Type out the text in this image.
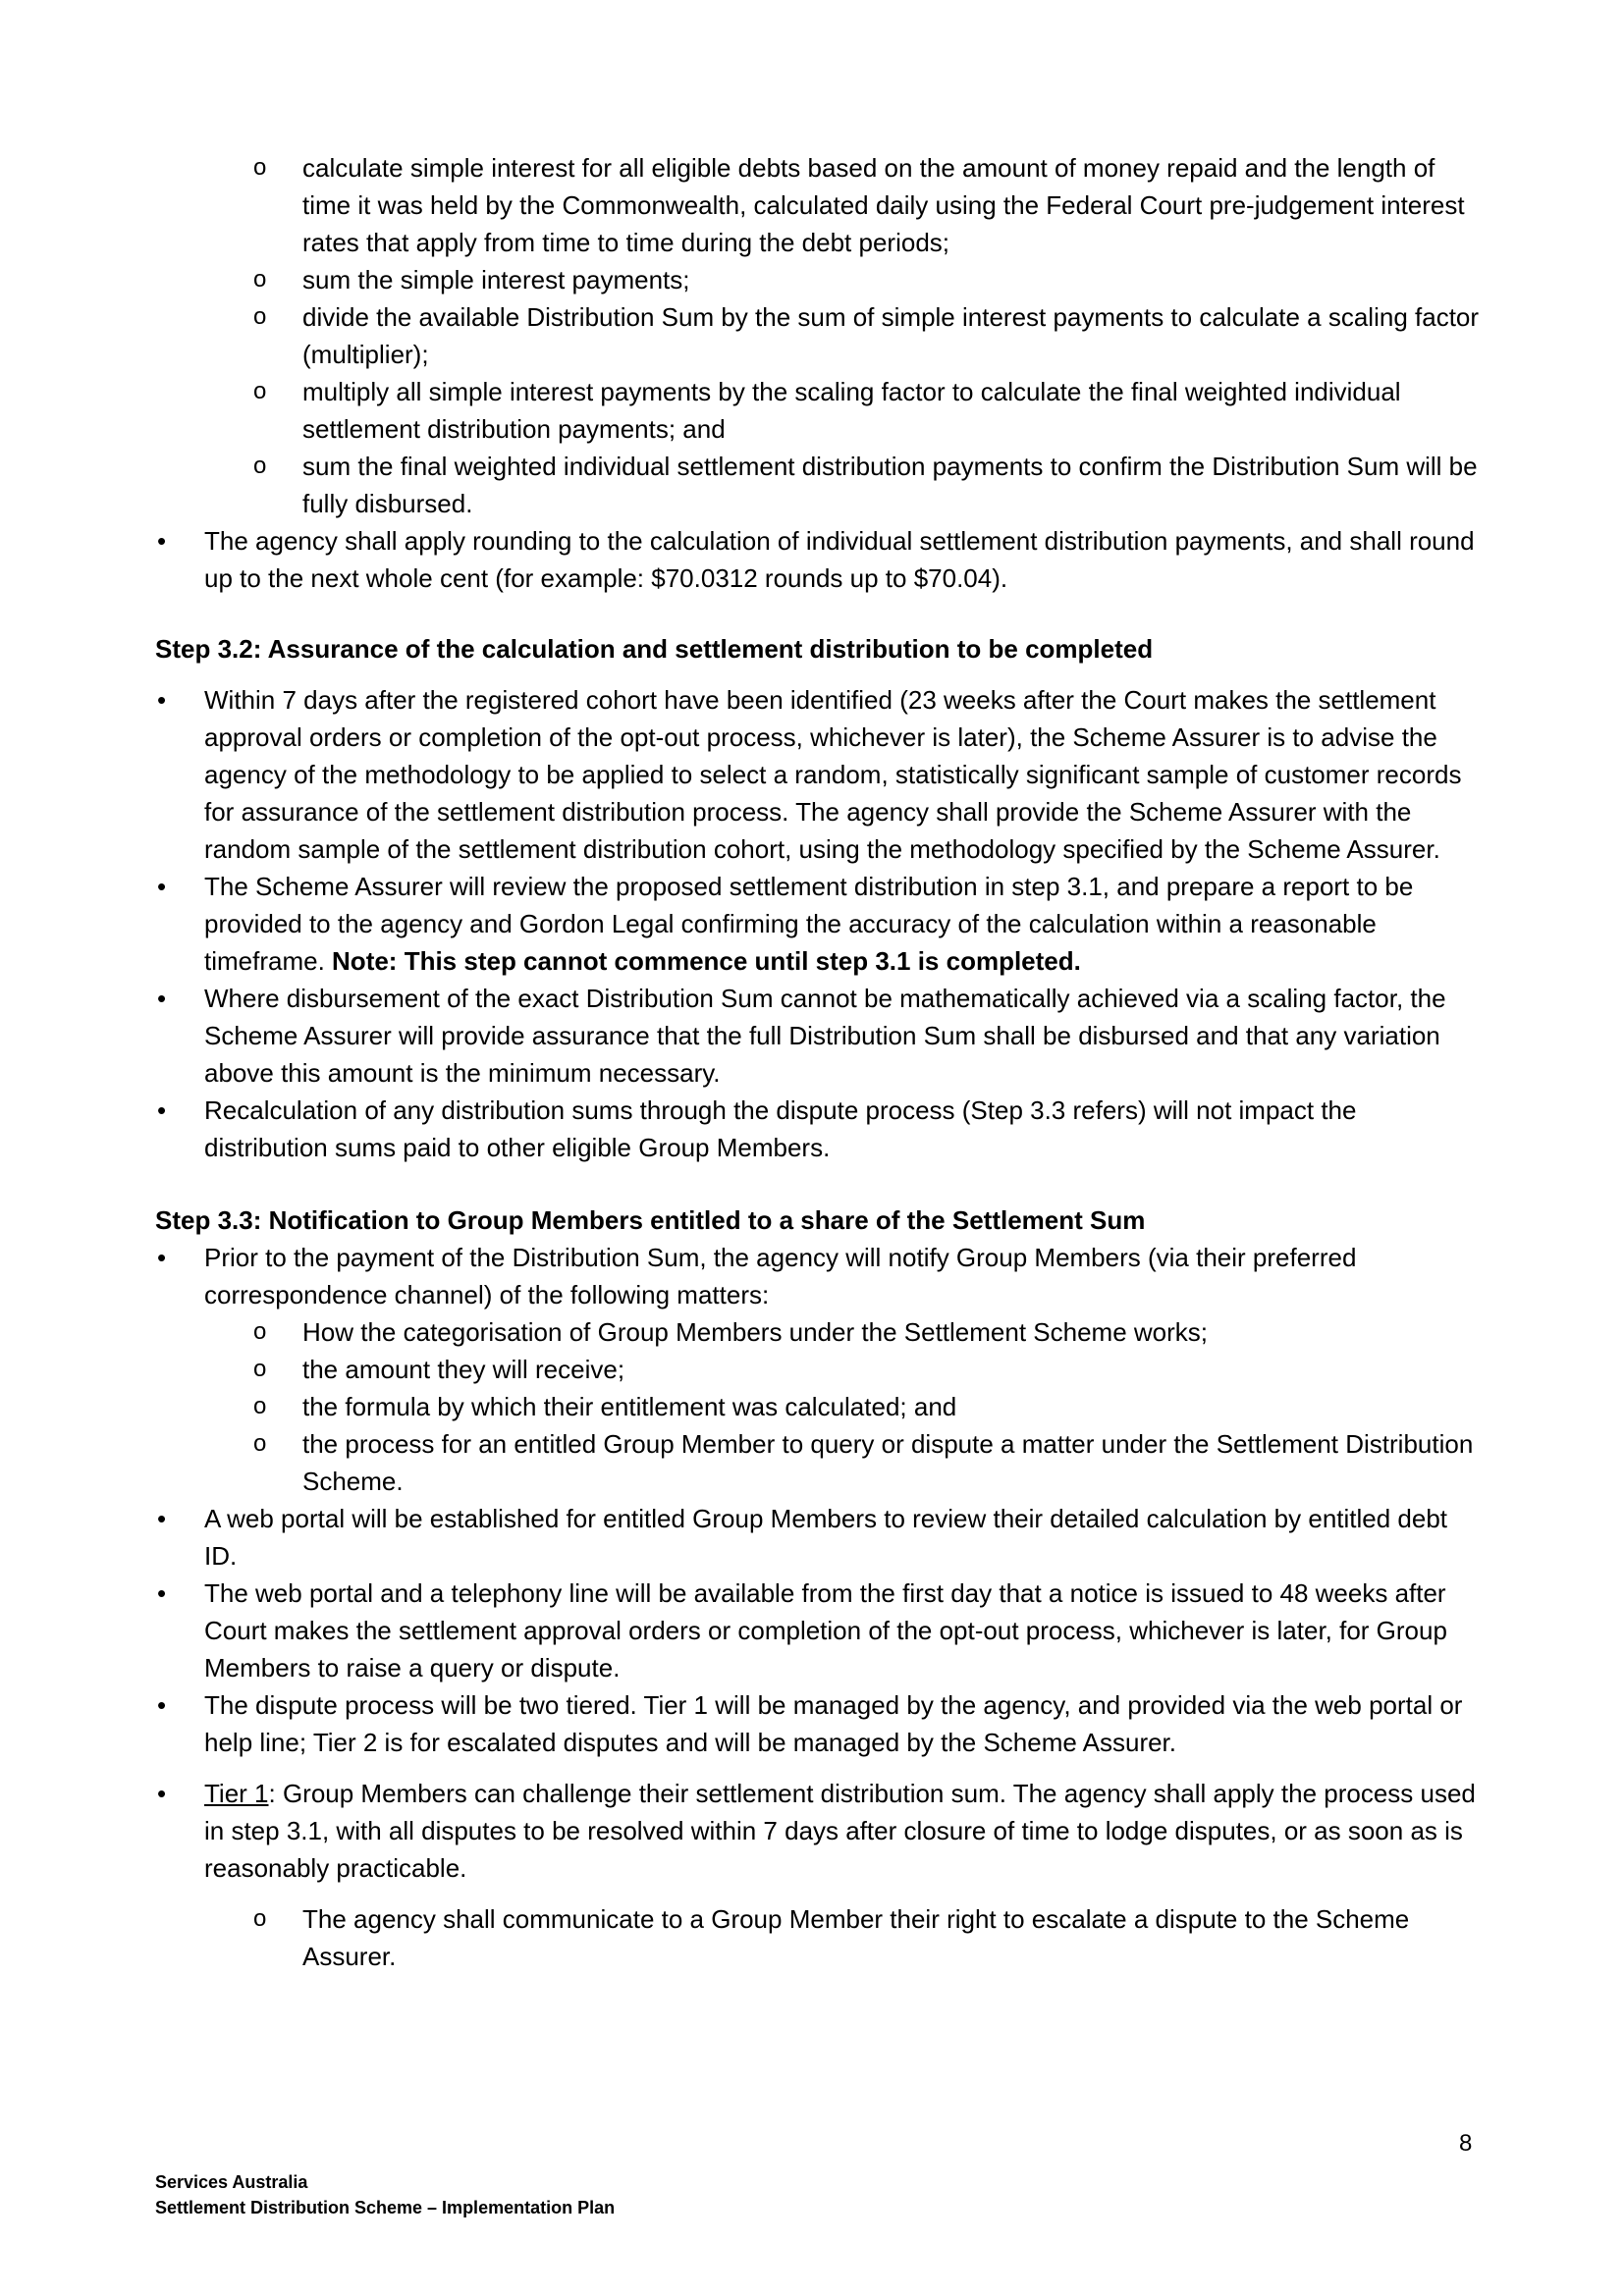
o calculate simple interest for all eligible debts based on the amount of money repaid and the length of time it was held by the Commonwealth, calculated daily using the Federal Court pre-judgement interest rates that apply from time to time during the debt periods;
o sum the simple interest payments;
o divide the available Distribution Sum by the sum of simple interest payments to calculate a scaling factor (multiplier);
o multiply all simple interest payments by the scaling factor to calculate the final weighted individual settlement distribution payments; and
o sum the final weighted individual settlement distribution payments to confirm the Distribution Sum will be fully disbursed.
• The agency shall apply rounding to the calculation of individual settlement distribution payments, and shall round up to the next whole cent (for example: $70.0312 rounds up to $70.04).
Step 3.2: Assurance of the calculation and settlement distribution to be completed
• Within 7 days after the registered cohort have been identified (23 weeks after the Court makes the settlement approval orders or completion of the opt-out process, whichever is later), the Scheme Assurer is to advise the agency of the methodology to be applied to select a random, statistically significant sample of customer records for assurance of the settlement distribution process. The agency shall provide the Scheme Assurer with the random sample of the settlement distribution cohort, using the methodology specified by the Scheme Assurer.
• The Scheme Assurer will review the proposed settlement distribution in step 3.1, and prepare a report to be provided to the agency and Gordon Legal confirming the accuracy of the calculation within a reasonable timeframe. Note: This step cannot commence until step 3.1 is completed.
• Where disbursement of the exact Distribution Sum cannot be mathematically achieved via a scaling factor, the Scheme Assurer will provide assurance that the full Distribution Sum shall be disbursed and that any variation above this amount is the minimum necessary.
• Recalculation of any distribution sums through the dispute process (Step 3.3 refers) will not impact the distribution sums paid to other eligible Group Members.
Step 3.3: Notification to Group Members entitled to a share of the Settlement Sum
• Prior to the payment of the Distribution Sum, the agency will notify Group Members (via their preferred correspondence channel) of the following matters:
o How the categorisation of Group Members under the Settlement Scheme works;
o the amount they will receive;
o the formula by which their entitlement was calculated; and
o the process for an entitled Group Member to query or dispute a matter under the Settlement Distribution Scheme.
• A web portal will be established for entitled Group Members to review their detailed calculation by entitled debt ID.
• The web portal and a telephony line will be available from the first day that a notice is issued to 48 weeks after Court makes the settlement approval orders or completion of the opt-out process, whichever is later, for Group Members to raise a query or dispute.
• The dispute process will be two tiered. Tier 1 will be managed by the agency, and provided via the web portal or help line; Tier 2 is for escalated disputes and will be managed by the Scheme Assurer.
• Tier 1: Group Members can challenge their settlement distribution sum. The agency shall apply the process used in step 3.1, with all disputes to be resolved within 7 days after closure of time to lodge disputes, or as soon as is reasonably practicable.
o The agency shall communicate to a Group Member their right to escalate a dispute to the Scheme Assurer.
8
Services Australia
Settlement Distribution Scheme – Implementation Plan
